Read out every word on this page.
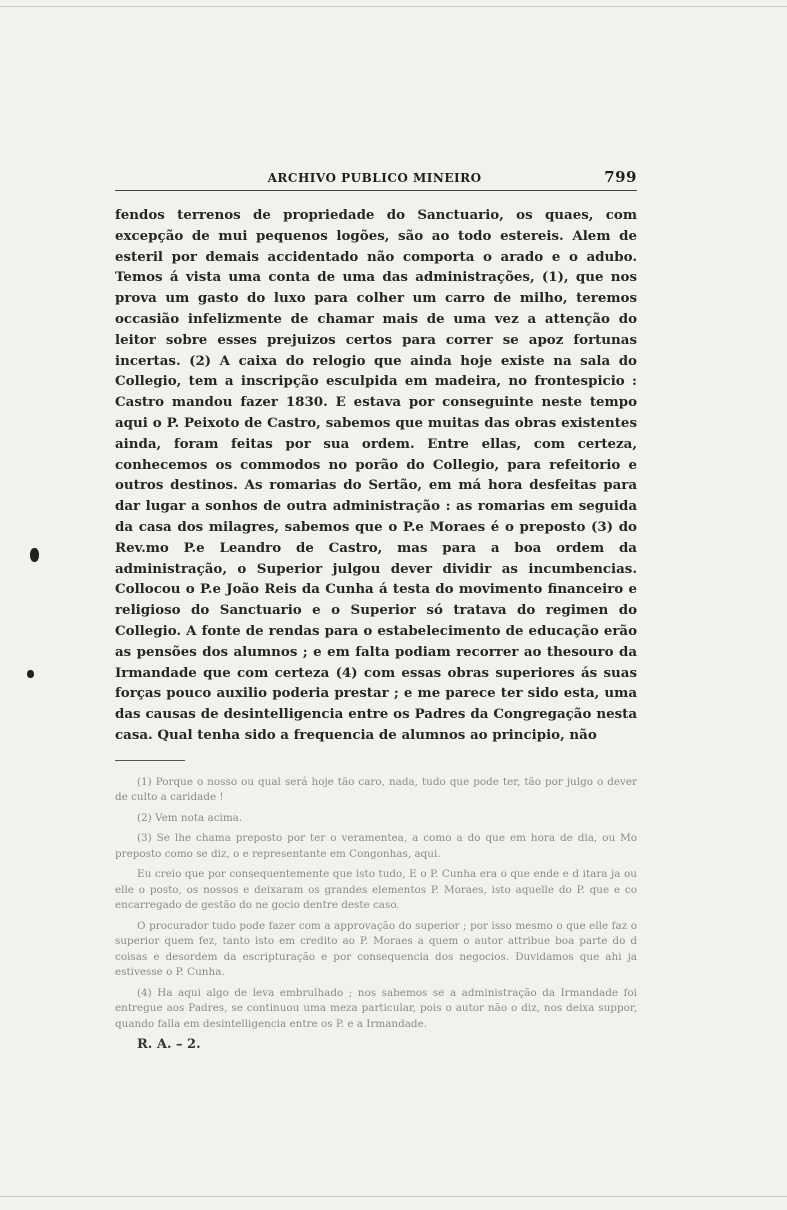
ARCHIVO PUBLICO MINEIRO	799

fendos terrenos de propriedade do Sanctuario, os quaes, com excepção de mui pequenos logões, são ao todo estereis. Alem de esteril por demais accidentado não comporta o arado e o adubo. Temos á vista uma conta de uma das administrações, (1), que nos prova um gasto do luxo para colher um carro de milho, teremos occasião infelizmente de chamar mais de uma vez a attenção do leitor sobre esses prejuizos certos para correr se apoz fortunas incertas. (2) A caixa do relogio que ainda hoje existe na sala do Collegio, tem a inscripção esculpida em madeira, no frontespicio : Castro mandou fazer 1830. E estava por conseguinte neste tempo aqui o P. Peixoto de Castro, sabemos que muitas das obras existentes ainda, foram feitas por sua ordem. Entre ellas, com certeza, conhecemos os commodos no porão do Collegio, para refeitorio e outros destinos. As romarias do Sertão, em má hora desfeitas para dar lugar a sonhos de outra administração : as romarias em seguida da casa dos milagres, sabemos que o P.e Moraes é o preposto (3) do Rev.mo P.e Leandro de Castro, mas para a boa ordem da administração, o Superior julgou dever dividir as incumbencias. Collocou o P.e João Reis da Cunha á testa do movimento financeiro e religioso do Sanctuario e o Superior só tratava do regimen do Collegio. A fonte de rendas para o estabelecimento de educação erão as pensões dos alumnos ; e em falta podiam recorrer ao thesouro da Irmandade que com certeza (4) com essas obras superiores ás suas forças pouco auxilio poderia prestar ; e me parece ter sido esta, uma das causas de desintelligencia entre os Padres da Congregação nesta casa. Qual tenha sido a frequencia de alumnos ao principio, não

(1) Porque o nosso ou qual será hoje tão caro, nada, tudo que pode ter, tão por julgo o dever de culto a caridade !

(2) Vem nota acima.

(3) Se lhe chama preposto por ter o veramentea, a como a do que em hora de dia, ou Mo preposto como se diz, o e representante em Congonhas, aqui.

Eu creio que por consequentemente que isto tudo, E o P. Cunha era o que ende e d itara ja ou elle o posto, os nossos e deixaram os grandes elementos P. Moraes, isto aquelle do P. que e co encarregado de gestão do ne gocio dentre deste caso.

O procurador tudo pode fazer com a approvação do superior ; por isso mesmo o que elle faz o superior quem fez, tanto isto em credito ao P. Moraes a quem o autor attribue boa parte do d coisas e desordem da escripturação e por consequencia dos negocios. Duvidamos que ahi ja estivesse o P. Cunha.

(4) Ha aqui algo de leva embrulhado ; nos sabemos se a administração da Irmandade foi entregue aos Padres, se continuou uma meza particular, pois o autor não o diz, nos deixa suppor, quando falla em desintelligencia entre os P. e a Irmandade.

R. A. – 2.
